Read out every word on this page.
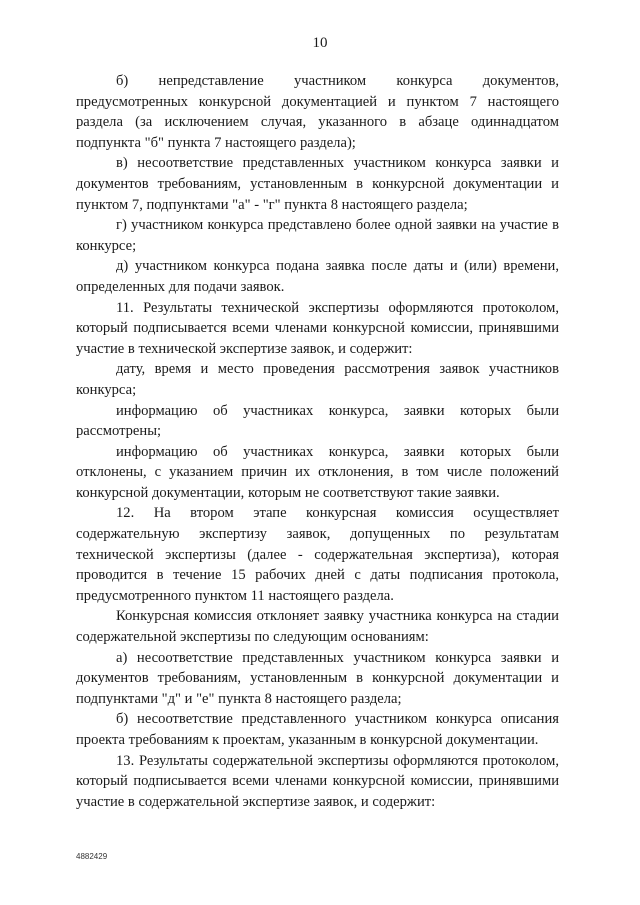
10

б) непредставление участником конкурса документов, предусмотренных конкурсной документацией и пунктом 7 настоящего раздела (за исключением случая, указанного в абзаце одиннадцатом подпункта "б" пункта 7 настоящего раздела);

в) несоответствие представленных участником конкурса заявки и документов требованиям, установленным в конкурсной документации и пунктом 7, подпунктами "а" - "г" пункта 8 настоящего раздела;

г) участником конкурса представлено более одной заявки на участие в конкурсе;

д) участником конкурса подана заявка после даты и (или) времени, определенных для подачи заявок.

11. Результаты технической экспертизы оформляются протоколом, который подписывается всеми членами конкурсной комиссии, принявшими участие в технической экспертизе заявок, и содержит:

дату, время и место проведения рассмотрения заявок участников конкурса;

информацию об участниках конкурса, заявки которых были рассмотрены;

информацию об участниках конкурса, заявки которых были отклонены, с указанием причин их отклонения, в том числе положений конкурсной документации, которым не соответствуют такие заявки.

12. На втором этапе конкурсная комиссия осуществляет содержательную экспертизу заявок, допущенных по результатам технической экспертизы (далее - содержательная экспертиза), которая проводится в течение 15 рабочих дней с даты подписания протокола, предусмотренного пунктом 11 настоящего раздела.

Конкурсная комиссия отклоняет заявку участника конкурса на стадии содержательной экспертизы по следующим основаниям:

а) несоответствие представленных участником конкурса заявки и документов требованиям, установленным в конкурсной документации и подпунктами "д" и "е" пункта 8 настоящего раздела;

б) несоответствие представленного участником конкурса описания проекта требованиям к проектам, указанным в конкурсной документации.

13. Результаты содержательной экспертизы оформляются протоколом, который подписывается всеми членами конкурсной комиссии, принявшими участие в содержательной экспертизе заявок, и содержит:

4882429
